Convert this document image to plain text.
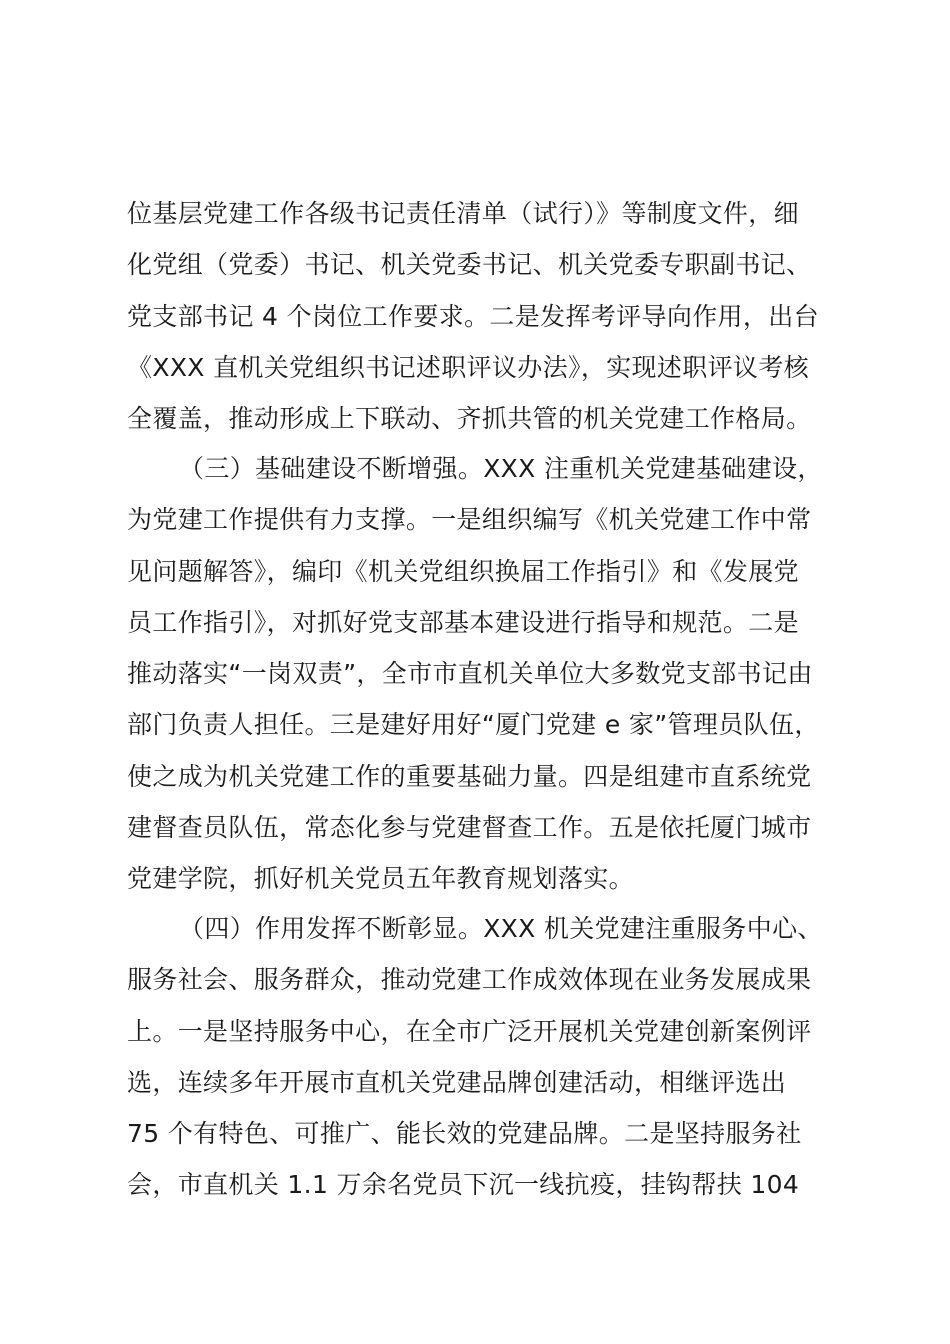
位基层党建工作各级书记责任清单（试行）》等制度文件，细
化党组（党委）书记、机关党委书记、机关党委专职副书记、
党支部书记 4 个岗位工作要求。二是发挥考评导向作用，出台
《XXX 直机关党组织书记述职评议办法》，实现述职评议考核
全覆盖，推动形成上下联动、齐抓共管的机关党建工作格局。
（三）基础建设不断增强。XXX 注重机关党建基础建设，
为党建工作提供有力支撑。一是组织编写《机关党建工作中常
见问题解答》，编印《机关党组织换届工作指引》和《发展党
员工作指引》，对抓好党支部基本建设进行指导和规范。二是
推动落实“一岗双责”，全市市直机关单位大多数党支部书记由
部门负责人担任。三是建好用好“厦门党建 e 家”管理员队伍，
使之成为机关党建工作的重要基础力量。四是组建市直系统党
建督查员队伍，常态化参与党建督查工作。五是依托厦门城市
党建学院，抓好机关党员五年教育规划落实。
（四）作用发挥不断彰显。XXX 机关党建注重服务中心、
服务社会、服务群众，推动党建工作成效体现在业务发展成果
上。一是坚持服务中心，在全市广泛开展机关党建创新案例评
选，连续多年开展市直机关党建品牌创建活动，相继评选出
75 个有特色、可推广、能长效的党建品牌。二是坚持服务社
会，市直机关 1.1 万余名党员下沉一线抗疫，挂钩帮扶 104
